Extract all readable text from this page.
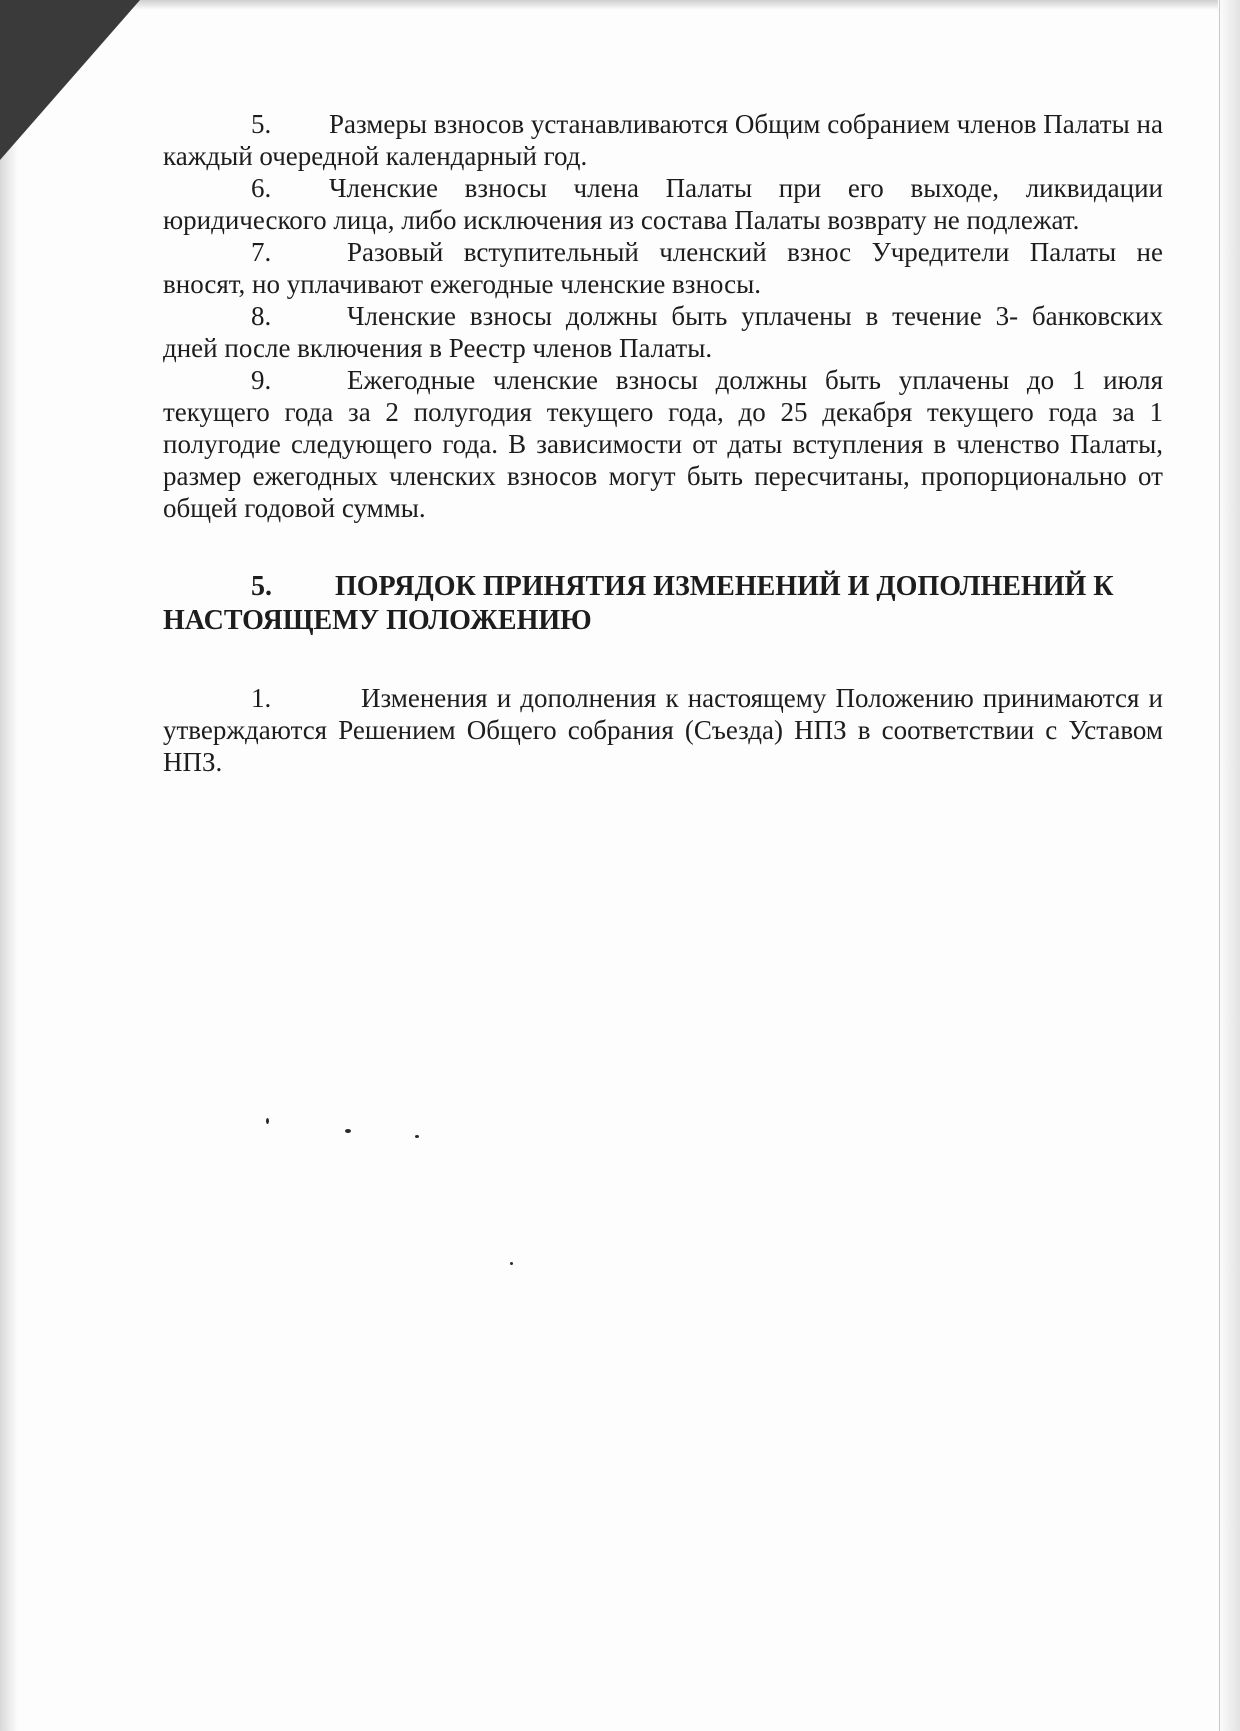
5. Размеры взносов устанавливаются Общим собранием членов Палаты на каждый очередной календарный год.

6. Членские взносы члена Палаты при его выходе, ликвидации юридического лица, либо исключения из состава Палаты возврату не подлежат.

7.	Разовый вступительный членский взнос Учредители Палаты не вносят, но уплачивают ежегодные членские взносы.

8.	Членские взносы должны быть уплачены в течение 3- банковских дней после включения в Реестр членов Палаты.

9.	Ежегодные членские взносы должны быть уплачены до 1 июля текущего года за 2 полугодия текущего года, до 25 декабря текущего года за 1 полугодие следующего года. В зависимости от даты вступления в членство Палаты, размер ежегодных членских взносов могут быть пересчитаны, пропорционально от общей годовой суммы.

5. ПОРЯДОК ПРИНЯТИЯ ИЗМЕНЕНИЙ И ДОПОЛНЕНИЙ К НАСТОЯЩЕМУ ПОЛОЖЕНИЮ

1.	Изменения и дополнения к настоящему Положению принимаются и утверждаются Решением Общего собрания (Съезда) НПЗ в соответствии с Уставом НПЗ.
